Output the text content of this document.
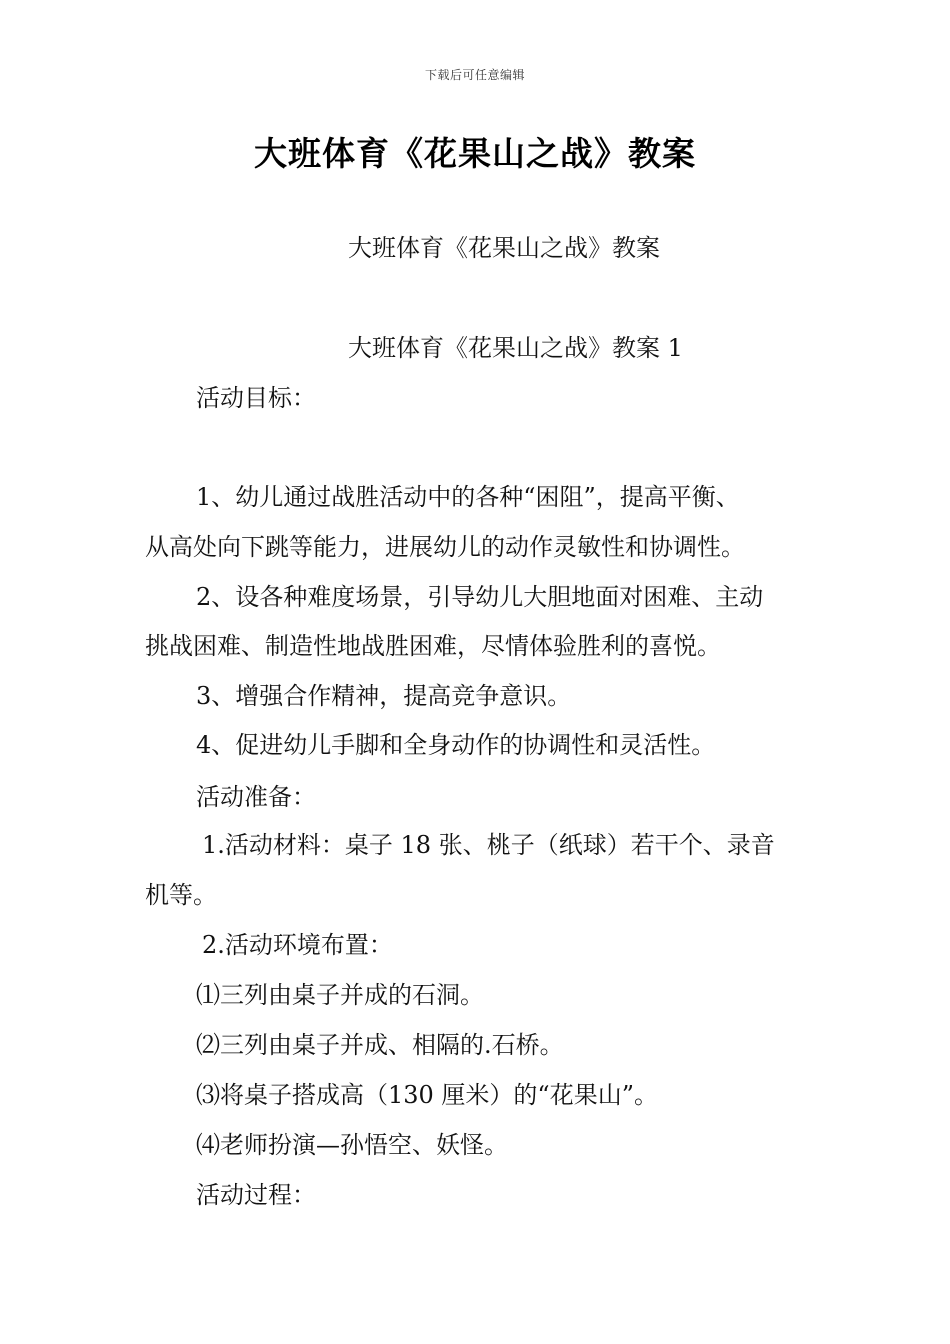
下载后可任意编辑
大班体育《花果山之战》教案
大班体育《花果山之战》教案
大班体育《花果山之战》教案 1
活动目标：
1、幼儿通过战胜活动中的各种“困阻”，提高平衡、
从高处向下跳等能力，进展幼儿的动作灵敏性和协调性。
2、设各种难度场景，引导幼儿大胆地面对困难、主动
挑战困难、制造性地战胜困难，尽情体验胜利的喜悦。
3、增强合作精神，提高竞争意识。
4、促进幼儿手脚和全身动作的协调性和灵活性。
活动准备：
1.活动材料：桌子 18 张、桃子（纸球）若干个、录音
机等。
2.活动环境布置：
⑴三列由桌子并成的石洞。
⑵三列由桌子并成、相隔的.石桥。
⑶将桌子搭成高（130 厘米）的“花果山”。
⑷老师扮演—孙悟空、妖怪。
活动过程：
